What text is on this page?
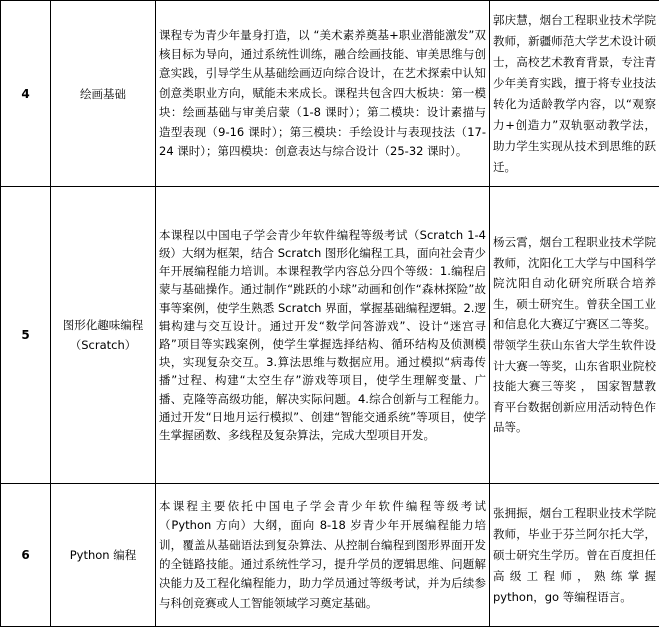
4	绘画基础	课程专为青少年量身打造，以 “美术素养奠基+职业潜能激发”双核目标为导向，通过系统性训练，融合绘画技能、审美思维与创意实践，引导学生从基础绘画迈向综合设计，在艺术探索中认知创意类职业方向，赋能未来成长。课程共包含四大板块：第一模块：绘画基础与审美启蒙（1-8 课时）；第二模块：设计素描与造型表现（9-16 课时）；第三模块：手绘设计与表现技法（17-24 课时）；第四模块：创意表达与综合设计（25-32 课时）。	郭庆慧，烟台工程职业技术学院教师，新疆师范大学艺术设计硕士，高校艺术教育背景，专注青少年美育实践，擅于将专业技法转化为适龄教学内容，以“观察力+创造力”双轨驱动教学法，助力学生实现从技术到思维的跃迁。
5	图形化趣味编程（Scratch）	本课程以中国电子学会青少年软件编程等级考试（Scratch 1-4 级）大纲为框架，结合 Scratch 图形化编程工具，面向社会青少年开展编程能力培训。本课程教学内容总分四个等级：1.编程启蒙与基础操作。通过制作“跳跃的小球”动画和创作“森林探险”故事等案例，使学生熟悉 Scratch 界面，掌握基础编程逻辑。2.逻辑构建与交互设计。通过开发“数学问答游戏”、设计“迷宫寻路”项目等实践案例，使学生掌握选择结构、循环结构及侦测模块，实现复杂交互。3.算法思维与数据应用。通过模拟“病毒传播”过程、构建“太空生存”游戏等项目，使学生理解变量、广播、克隆等高级功能，解决实际问题。4.综合创新与工程能力。通过开发“日地月运行模拟”、创建“智能交通系统”等项目，使学生掌握函数、多线程及复杂算法，完成大型项目开发。	杨云霄，烟台工程职业技术学院教师，沈阳化工大学与中国科学院沈阳自动化研究所联合培养生，硕士研究生。曾获全国工业和信息化大赛辽宁赛区二等奖。带领学生获山东省大学生软件设计大赛一等奖，山东省职业院校技能大赛三等奖 ， 国家智慧教育平台数据创新应用活动特色作品等。
6	Python 编程	本课程主要依托中国电子学会青少年软件编程等级考试（Python 方向）大纲，面向 8-18 岁青少年开展编程能力培训，覆盖从基础语法到复杂算法、从控制台编程到图形界面开发的全链路技能。通过系统性学习，提升学员的逻辑思维、问题解决能力及工程化编程能力，助力学员通过等级考试，并为后续参与科创竞赛或人工智能领域学习奠定基础。	张拥振，烟台工程职业技术学院教师，毕业于芬兰阿尔托大学，硕士研究生学历。曾在百度担任高级工程师，熟练掌握 python，go 等编程语言。
